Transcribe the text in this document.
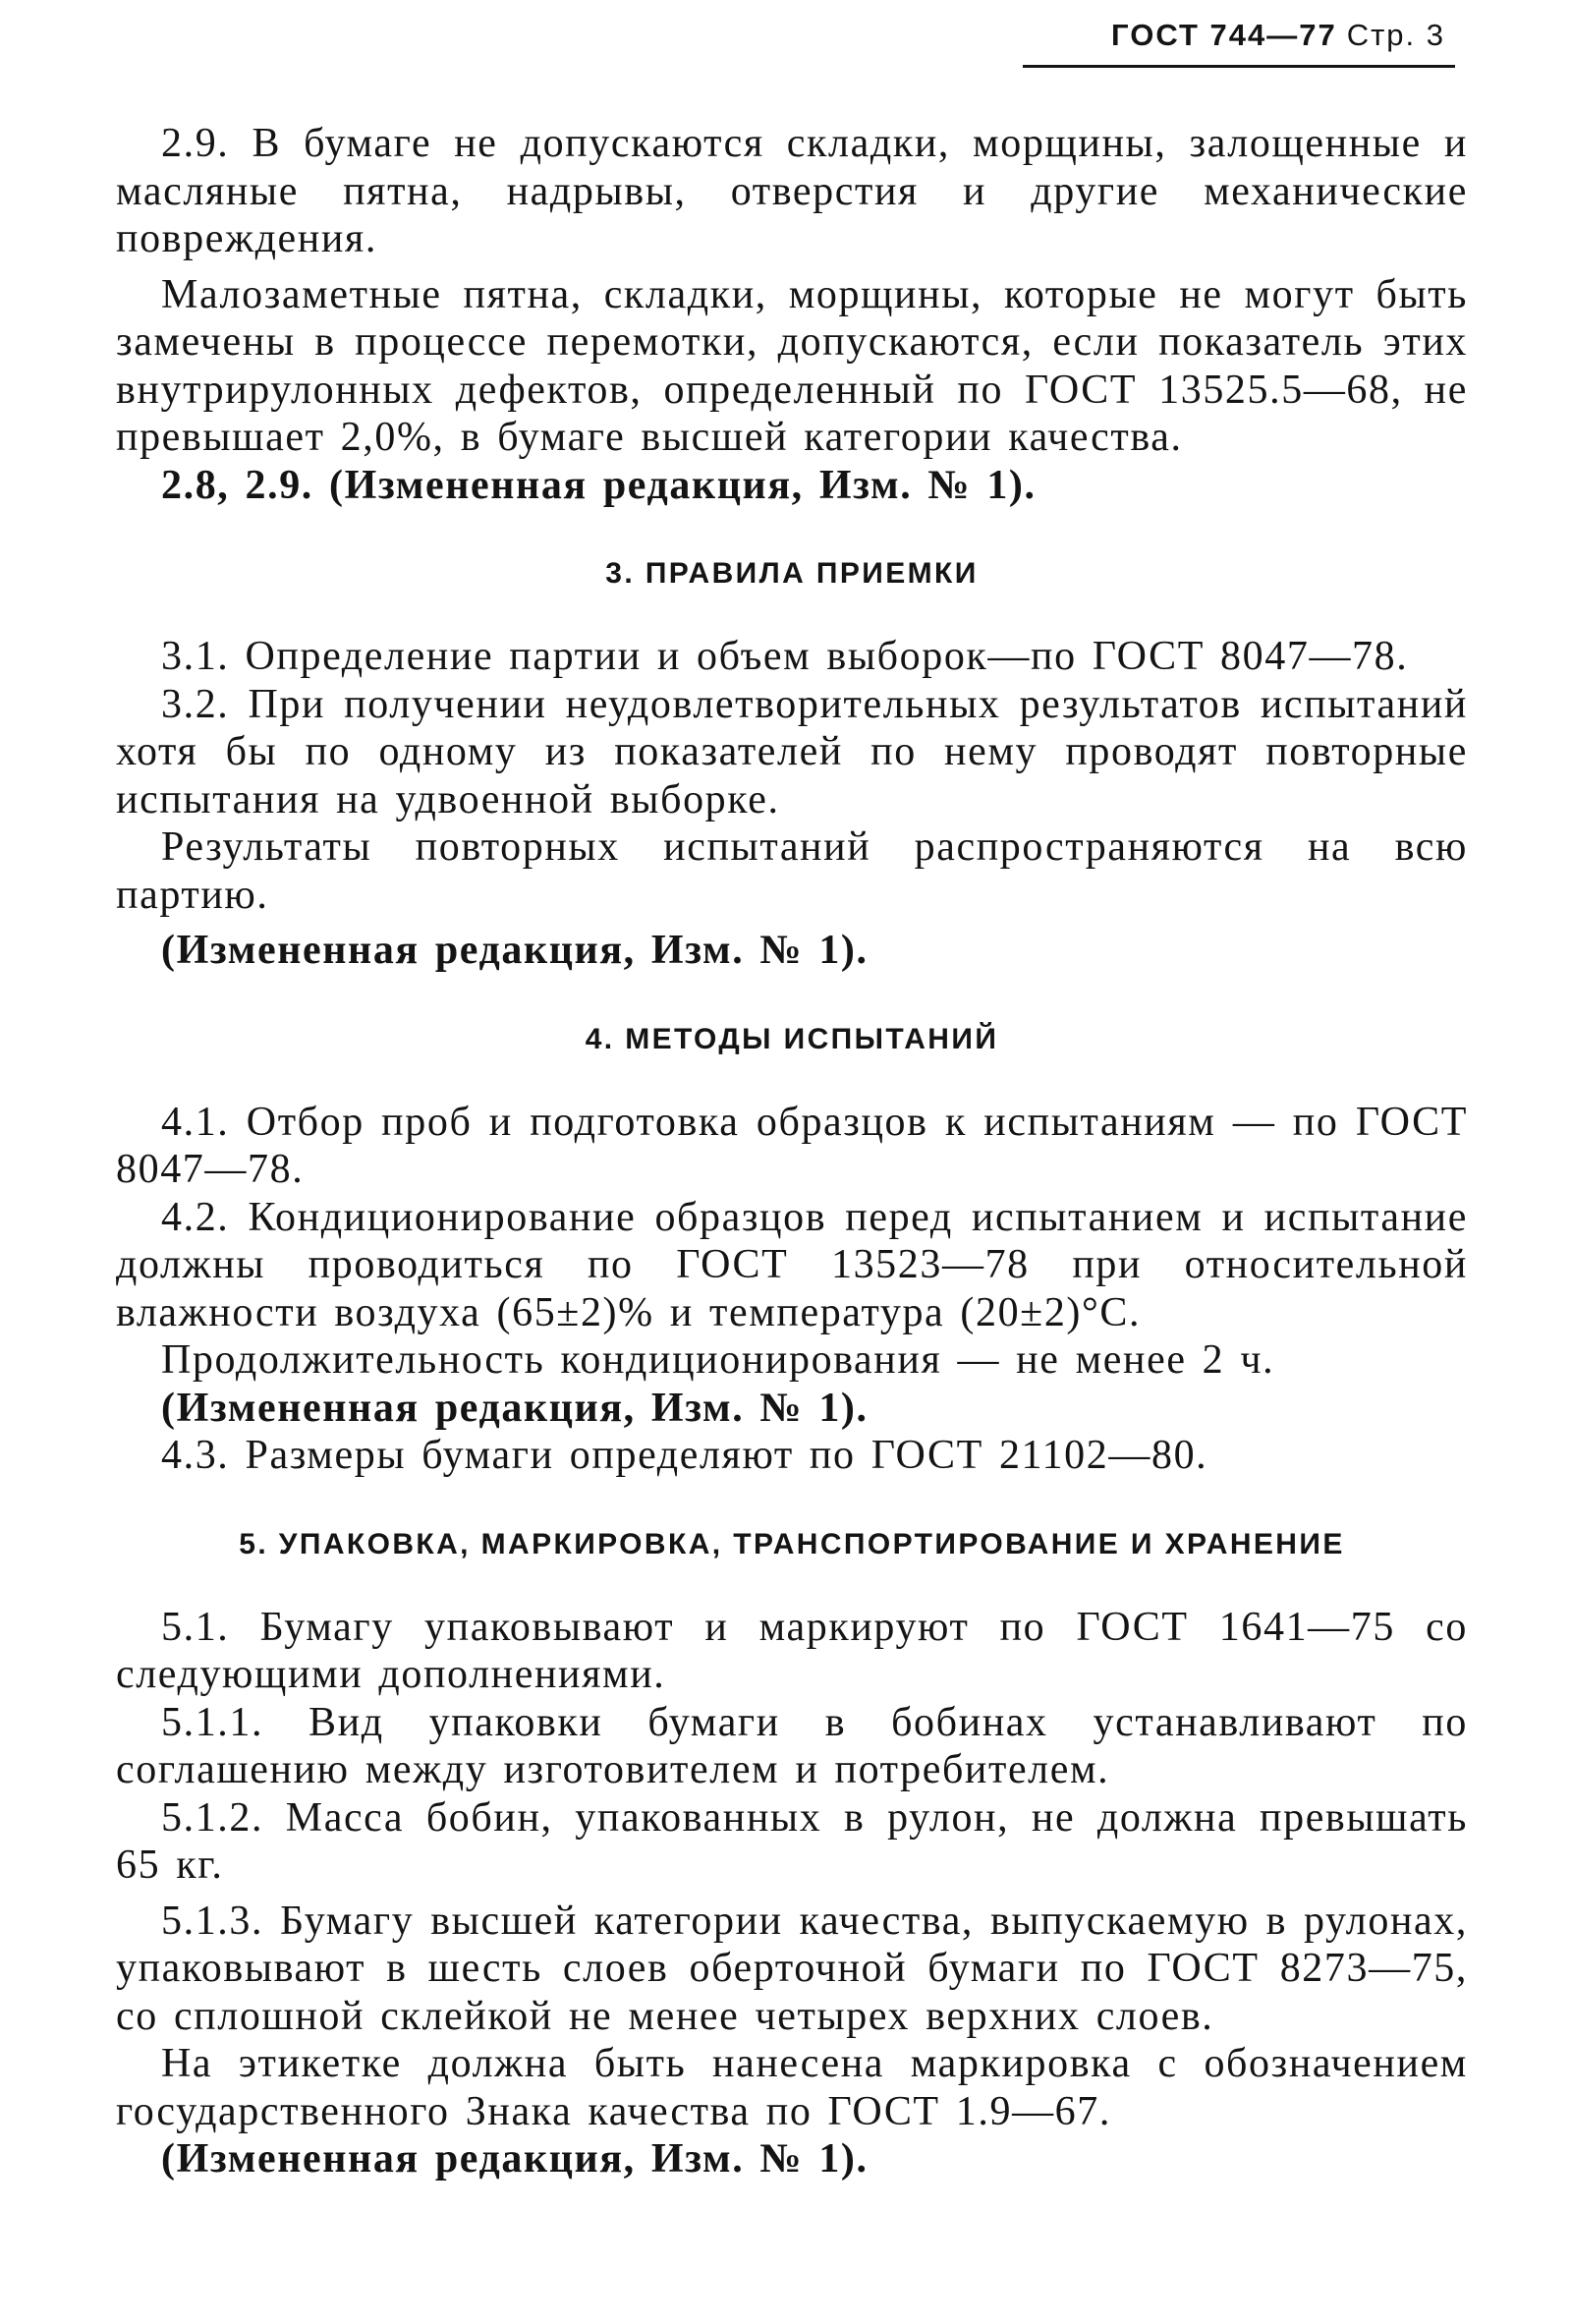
ГОСТ 744—77 Стр. 3

2.9. В бумаге не допускаются складки, морщины, залощенные и масляные пятна, надрывы, отверстия и другие механические повреждения.

Малозаметные пятна, складки, морщины, которые не могут быть замечены в процессе перемотки, допускаются, если показатель этих внутрирулонных дефектов, определенный по ГОСТ 13525.5—68, не превышает 2,0%, в бумаге высшей категории качества.

2.8, 2.9. (Измененная редакция, Изм. № 1).

3. ПРАВИЛА ПРИЕМКИ

3.1. Определение партии и объем выборок—по ГОСТ 8047—78.

3.2. При получении неудовлетворительных результатов испытаний хотя бы по одному из показателей по нему проводят повторные испытания на удвоенной выборке.

Результаты повторных испытаний распространяются на всю партию.

(Измененная редакция, Изм. № 1).

4. МЕТОДЫ ИСПЫТАНИЙ

4.1. Отбор проб и подготовка образцов к испытаниям — по ГОСТ 8047—78.

4.2. Кондиционирование образцов перед испытанием и испытание должны проводиться по ГОСТ 13523—78 при относительной влажности воздуха (65±2)% и температура (20±2)°С.

Продолжительность кондиционирования — не менее 2 ч.

(Измененная редакция, Изм. № 1).

4.3. Размеры бумаги определяют по ГОСТ 21102—80.

5. УПАКОВКА, МАРКИРОВКА, ТРАНСПОРТИРОВАНИЕ И ХРАНЕНИЕ

5.1. Бумагу упаковывают и маркируют по ГОСТ 1641—75 со следующими дополнениями.

5.1.1. Вид упаковки бумаги в бобинах устанавливают по соглашению между изготовителем и потребителем.

5.1.2. Масса бобин, упакованных в рулон, не должна превышать 65 кг.

5.1.3. Бумагу высшей категории качества, выпускаемую в рулонах, упаковывают в шесть слоев оберточной бумаги по ГОСТ 8273—75, со сплошной склейкой не менее четырех верхних слоев.

На этикетке должна быть нанесена маркировка с обозначением государственного Знака качества по ГОСТ 1.9—67.

(Измененная редакция, Изм. № 1).
